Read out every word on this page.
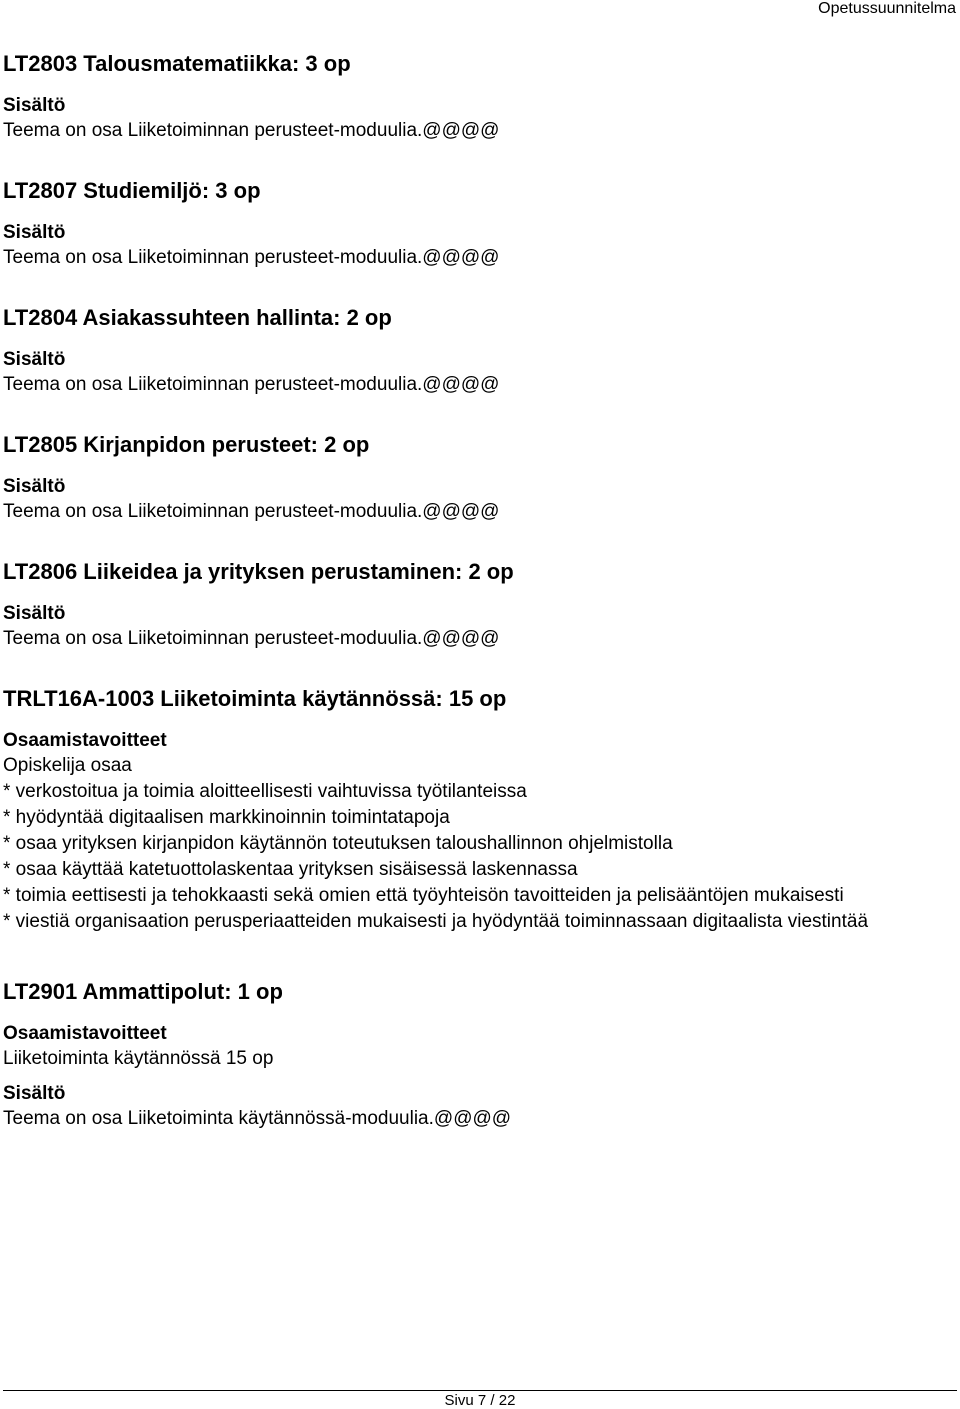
Opetussuunnitelma
LT2803 Talousmatematiikka: 3 op
Sisältö
Teema on osa Liiketoiminnan perusteet-moduulia.@@@@
LT2807 Studiemiljö: 3 op
Sisältö
Teema on osa Liiketoiminnan perusteet-moduulia.@@@@
LT2804 Asiakassuhteen hallinta: 2 op
Sisältö
Teema on osa Liiketoiminnan perusteet-moduulia.@@@@
LT2805 Kirjanpidon perusteet: 2 op
Sisältö
Teema on osa Liiketoiminnan perusteet-moduulia.@@@@
LT2806 Liikeidea ja yrityksen perustaminen: 2 op
Sisältö
Teema on osa Liiketoiminnan perusteet-moduulia.@@@@
TRLT16A-1003 Liiketoiminta käytännössä: 15 op
Osaamistavoitteet
Opiskelija osaa
* verkostoitua ja toimia aloitteellisesti vaihtuvissa työtilanteissa
* hyödyntää digitaalisen markkinoinnin toimintatapoja
* osaa yrityksen kirjanpidon käytännön toteutuksen taloushallinnon ohjelmistolla
* osaa käyttää katetuottolaskentaa yrityksen sisäisessä laskennassa
* toimia eettisesti ja tehokkaasti sekä omien että työyhteisön tavoitteiden ja pelisääntöjen mukaisesti
* viestiä organisaation perusperiaatteiden mukaisesti ja hyödyntää toiminnassaan digitaalista viestintää
LT2901 Ammattipolut: 1 op
Osaamistavoitteet
Liiketoiminta käytännössä 15 op
Sisältö
Teema on osa Liiketoiminta käytännössä-moduulia.@@@@
Sivu 7 / 22
